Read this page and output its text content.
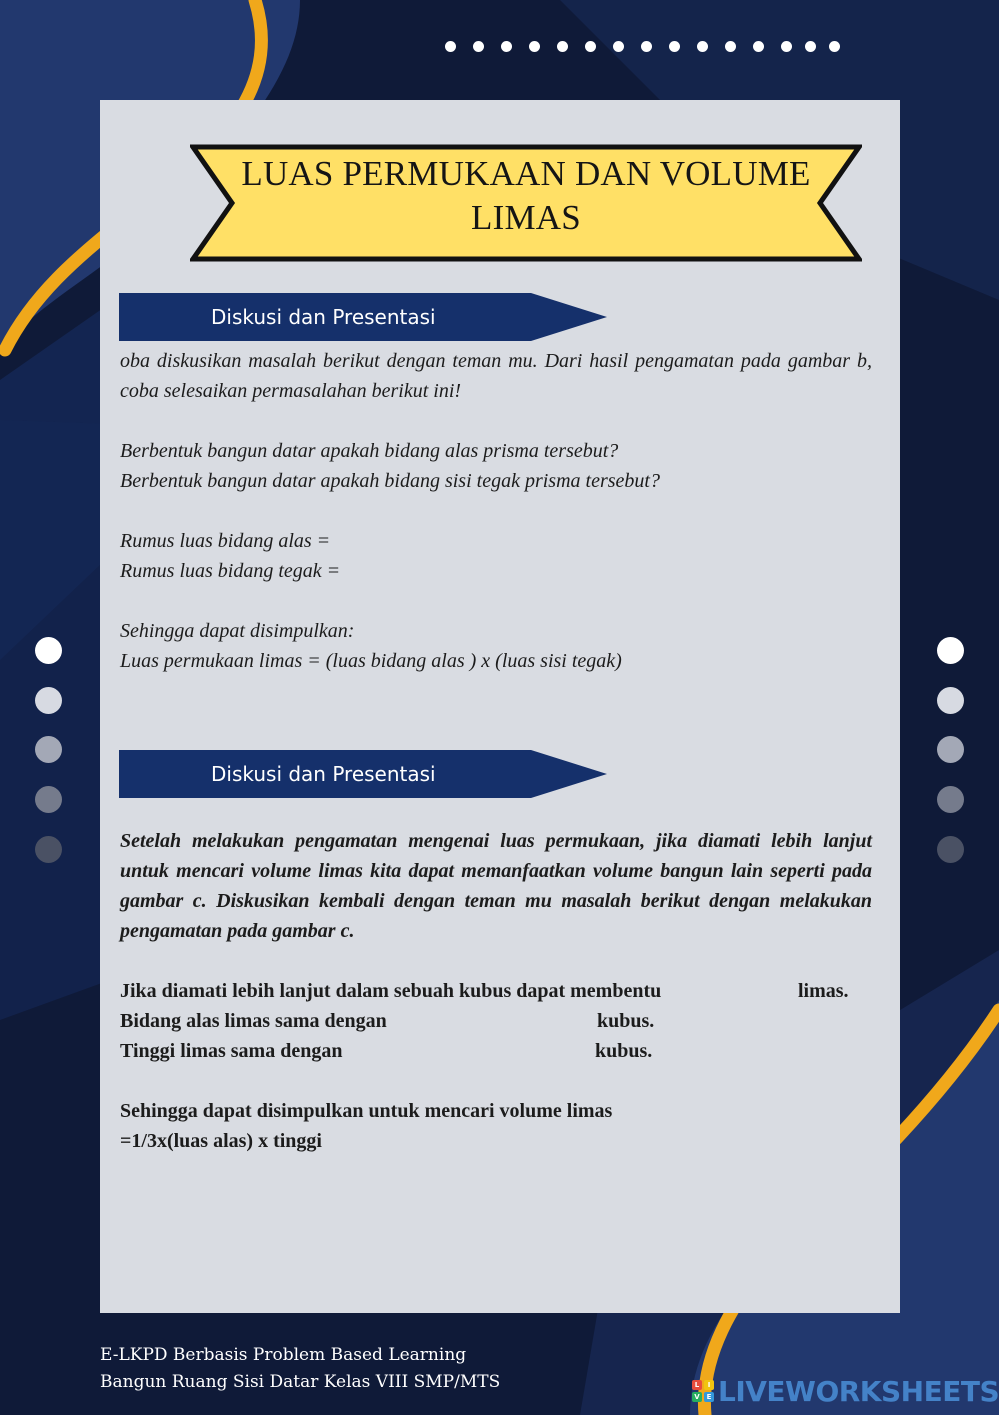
LUAS PERMUKAAN DAN VOLUME
LIMAS
Diskusi dan Presentasi

oba diskusikan masalah berikut dengan teman mu. Dari hasil pengamatan pada gambar b, coba selesaikan permasalahan berikut ini!

Berbentuk bangun datar apakah bidang alas prisma tersebut?

Berbentuk bangun datar apakah bidang sisi tegak prisma tersebut?

Rumus luas bidang alas =

Rumus luas bidang tegak =

Sehingga dapat disimpulkan:

Luas permukaan limas = (luas bidang alas ) x (luas sisi tegak)

Diskusi dan Presentasi

Setelah melakukan pengamatan mengenai luas permukaan, jika diamati lebih lanjut untuk mencari volume limas kita dapat memanfaatkan volume bangun lain seperti pada gambar c. Diskusikan kembali dengan teman mu masalah berikut dengan melakukan pengamatan pada gambar c.

Jika diamati lebih lanjut dalam sebuah kubus dapat membentu	limas.
Bidang alas limas sama dengan	kubus.
Tinggi limas sama dengan	kubus.

Sehingga dapat disimpulkan untuk mencari volume limas

=1/3x(luas alas) x tinggi

E-LKPD Berbasis Problem Based Learning
Bangun Ruang Sisi Datar Kelas VIII SMP/MTS	L	I
V E LIVEWORKSHEETS
